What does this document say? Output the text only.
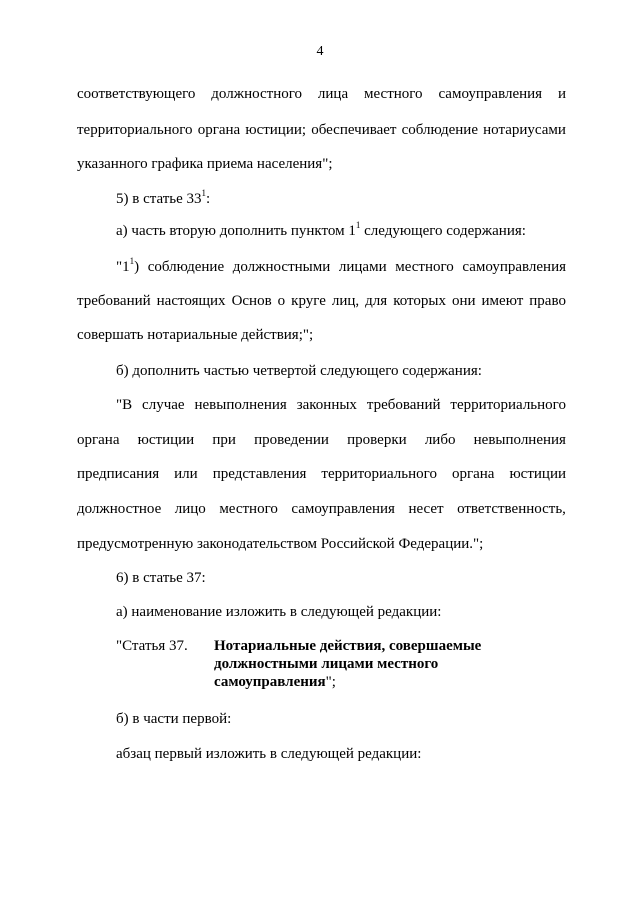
4
соответствующего должностного лица местного самоуправления и
территориального органа юстиции; обеспечивает соблюдение нотариусами
указанного графика приема населения";
5) в статье $33^1$:
а) часть вторую дополнить пунктом $1^1$ следующего содержания:
"$1^1$) соблюдение должностными лицами местного самоуправления
требований настоящих Основ о круге лиц, для которых они имеют право
совершать нотариальные действия;";
б) дополнить частью четвертой следующего содержания:
"В случае невыполнения законных требований территориального
органа юстиции при проведении проверки либо невыполнения
предписания или представления территориального органа юстиции
должностное лицо местного самоуправления несет ответственность,
предусмотренную законодательством Российской Федерации.";
6) в статье 37:
а) наименование изложить в следующей редакции:
"Статья 37. Нотариальные действия, совершаемые должностными лицами местного самоуправления";
б) в части первой:
абзац первый изложить в следующей редакции:
